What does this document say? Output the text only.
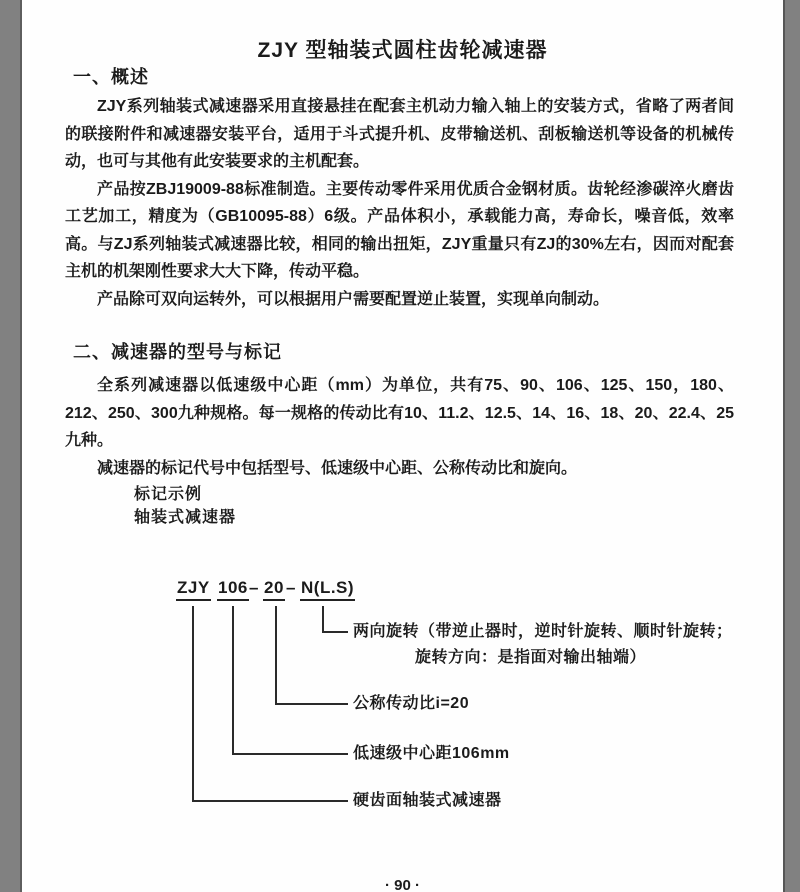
ZJY 型轴装式圆柱齿轮减速器
一、概述

ZJY系列轴装式减速器采用直接悬挂在配套主机动力输入轴上的安装方式，省略了两者间的联接附件和减速器安装平台，适用于斗式提升机、皮带输送机、刮板输送机等设备的机械传动，也可与其他有此安装要求的主机配套。

产品按ZBJ19009-88标准制造。主要传动零件采用优质合金钢材质。齿轮经渗碳淬火磨齿工艺加工，精度为（GB10095-88）6级。产品体积小，承载能力高，寿命长，噪音低，效率高。与ZJ系列轴装式减速器比较，相同的输出扭矩，ZJY重量只有ZJ的30%左右，因而对配套主机的机架刚性要求大大下降，传动平稳。

产品除可双向运转外，可以根据用户需要配置逆止装置，实现单向制动。

二、减速器的型号与标记

全系列减速器以低速级中心距（mm）为单位，共有75、90、106、125、150，180、212、250、300九种规格。每一规格的传动比有10、11.2、12.5、14、16、18、20、22.4、25九种。

减速器的标记代号中包括型号、低速级中心距、公称传动比和旋向。

标记示例
轴装式减速器
ZJY 106 – 20 – N(L.S)
两向旋转（带逆止器时，逆时针旋转、顺时针旋转；
旋转方向：是指面对输出轴端）
公称传动比i=20
低速级中心距106mm
硬齿面轴装式减速器
· 90 ·
